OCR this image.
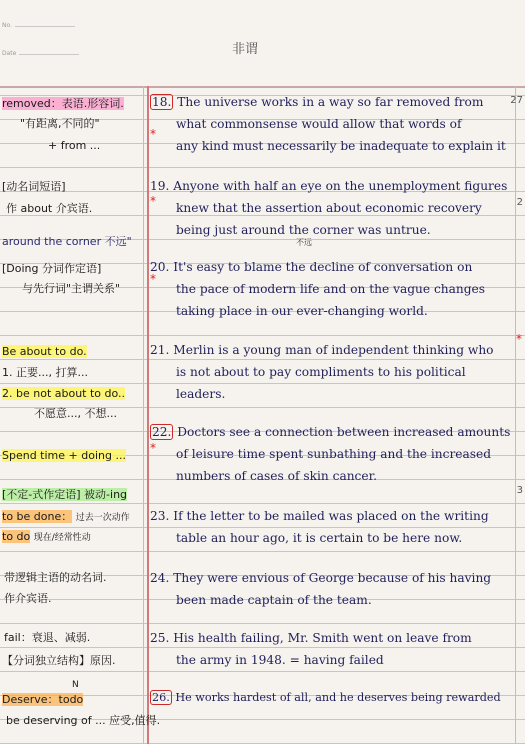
No.
Date	非谓
removed：表语.形容词.
"有距离,不同的"
+ from ...
[动名词短语]
作 about 介宾语.
around the corner 不远"
[Doing 分词作定语]
与先行词"主谓关系"
Be about to do.
1. 正要..., 打算...
2. be not about to do..
不愿意..., 不想...
Spend time + doing ...
[不定-式作定语] 被动-ing
to be done： 过去一次动作
to do 现在/经常性动
带逻辑主语的动名词.
作介宾语.
fail：衰退、减弱.
【分词独立结构】原因.
N
Deserve：todo
be deserving of ... 应受,值得.
18. The universe works in a way so far removed from
what commonsense would allow that words of
any kind must necessarily be inadequate to explain it
*
19. Anyone with half an eye on the unemployment figures
knew that the assertion about economic recovery
being just around the corner was untrue.
不远
*
20. It's easy to blame the decline of conversation on
the pace of modern life and on the vague changes
taking place in our ever-changing world.
*
21. Merlin is a young man of independent thinking who
is not about to pay compliments to his political
leaders.
22. Doctors see a connection between increased amounts
of leisure time spent sunbathing and the increased
numbers of cases of skin cancer.
*
23. If the letter to be mailed was placed on the writing
table an hour ago, it is certain to be here now.
24. They were envious of George because of his having
been made captain of the team.
25. His health failing, Mr. Smith went on leave from
the army in 1948. = having failed
26. He works hardest of all, and he deserves being rewarded
27
2
3
*
